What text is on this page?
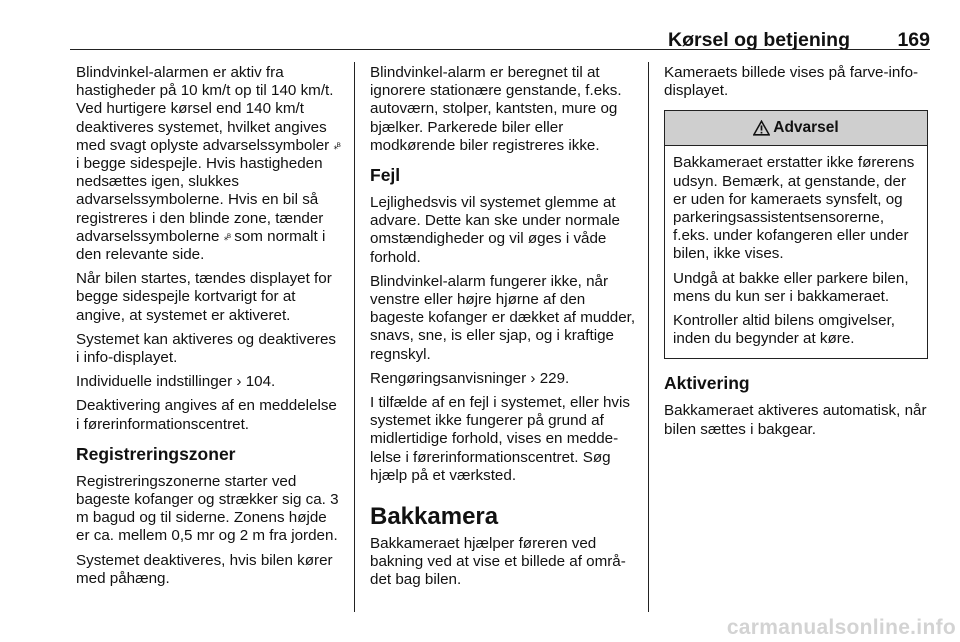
Kørsel og betjening 169

Blindvinkel-alarmen er aktiv fra hastigheder på 10 km/t op til 140 km/t. Ved hurtigere kørsel end 140 km/t deaktiveres systemet, hvilket angives med svagt oplyste advarselssymboler ⁎ᴮ i begge sidespejle. Hvis hastigheden nedsættes igen, slukkes advarselssymbolerne. Hvis en bil så registreres i den blinde zone, tænder advarselssymbolerne ⁎ᴮ som normalt i den relevante side.

Når bilen startes, tændes displayet for begge sidespejle kortvarigt for at angive, at systemet er aktiveret.

Systemet kan aktiveres og deaktiveres i info-displayet.

Individuelle indstillinger › 104.

Deaktivering angives af en meddelelse i førerinformationscentret.

Registreringszoner

Registreringszonerne starter ved bageste kofanger og strækker sig ca. 3 m bagud og til siderne. Zonens højde er ca. mellem 0,5 mr og 2 m fra jorden.

Systemet deaktiveres, hvis bilen kører med påhæng.

Blindvinkel-alarm er beregnet til at ignorere stationære genstande, f.eks. autoværn, stolper, kantsten, mure og bjælker. Parkerede biler eller modkørende biler registreres ikke.

Fejl

Lejlighedsvis vil systemet glemme at advare. Dette kan ske under normale omstændigheder og vil øges i våde forhold.

Blindvinkel-alarm fungerer ikke, når venstre eller højre hjørne af den bageste kofanger er dækket af mudder, snavs, sne, is eller sjap, og i kraftige regnskyl.

Rengøringsanvisninger › 229.

I tilfælde af en fejl i systemet, eller hvis systemet ikke fungerer på grund af midlertidige forhold, vises en meddelelse i førerinformationscentret. Søg hjælp på et værksted.

Bakkamera

Bakkameraet hjælper føreren ved bakning ved at vise et billede af området bag bilen.

Kameraets billede vises på farve-info-displayet.

Advarsel

Bakkameraet erstatter ikke førerens udsyn. Bemærk, at genstande, der er uden for kameraets synsfelt, og parkeringsassistentsensorerne, f.eks. under kofangeren eller under bilen, ikke vises.

Undgå at bakke eller parkere bilen, mens du kun ser i bakkameraet.

Kontroller altid bilens omgivelser, inden du begynder at køre.

Aktivering

Bakkameraet aktiveres automatisk, når bilen sættes i bakgear.

carmanualsonline.info
